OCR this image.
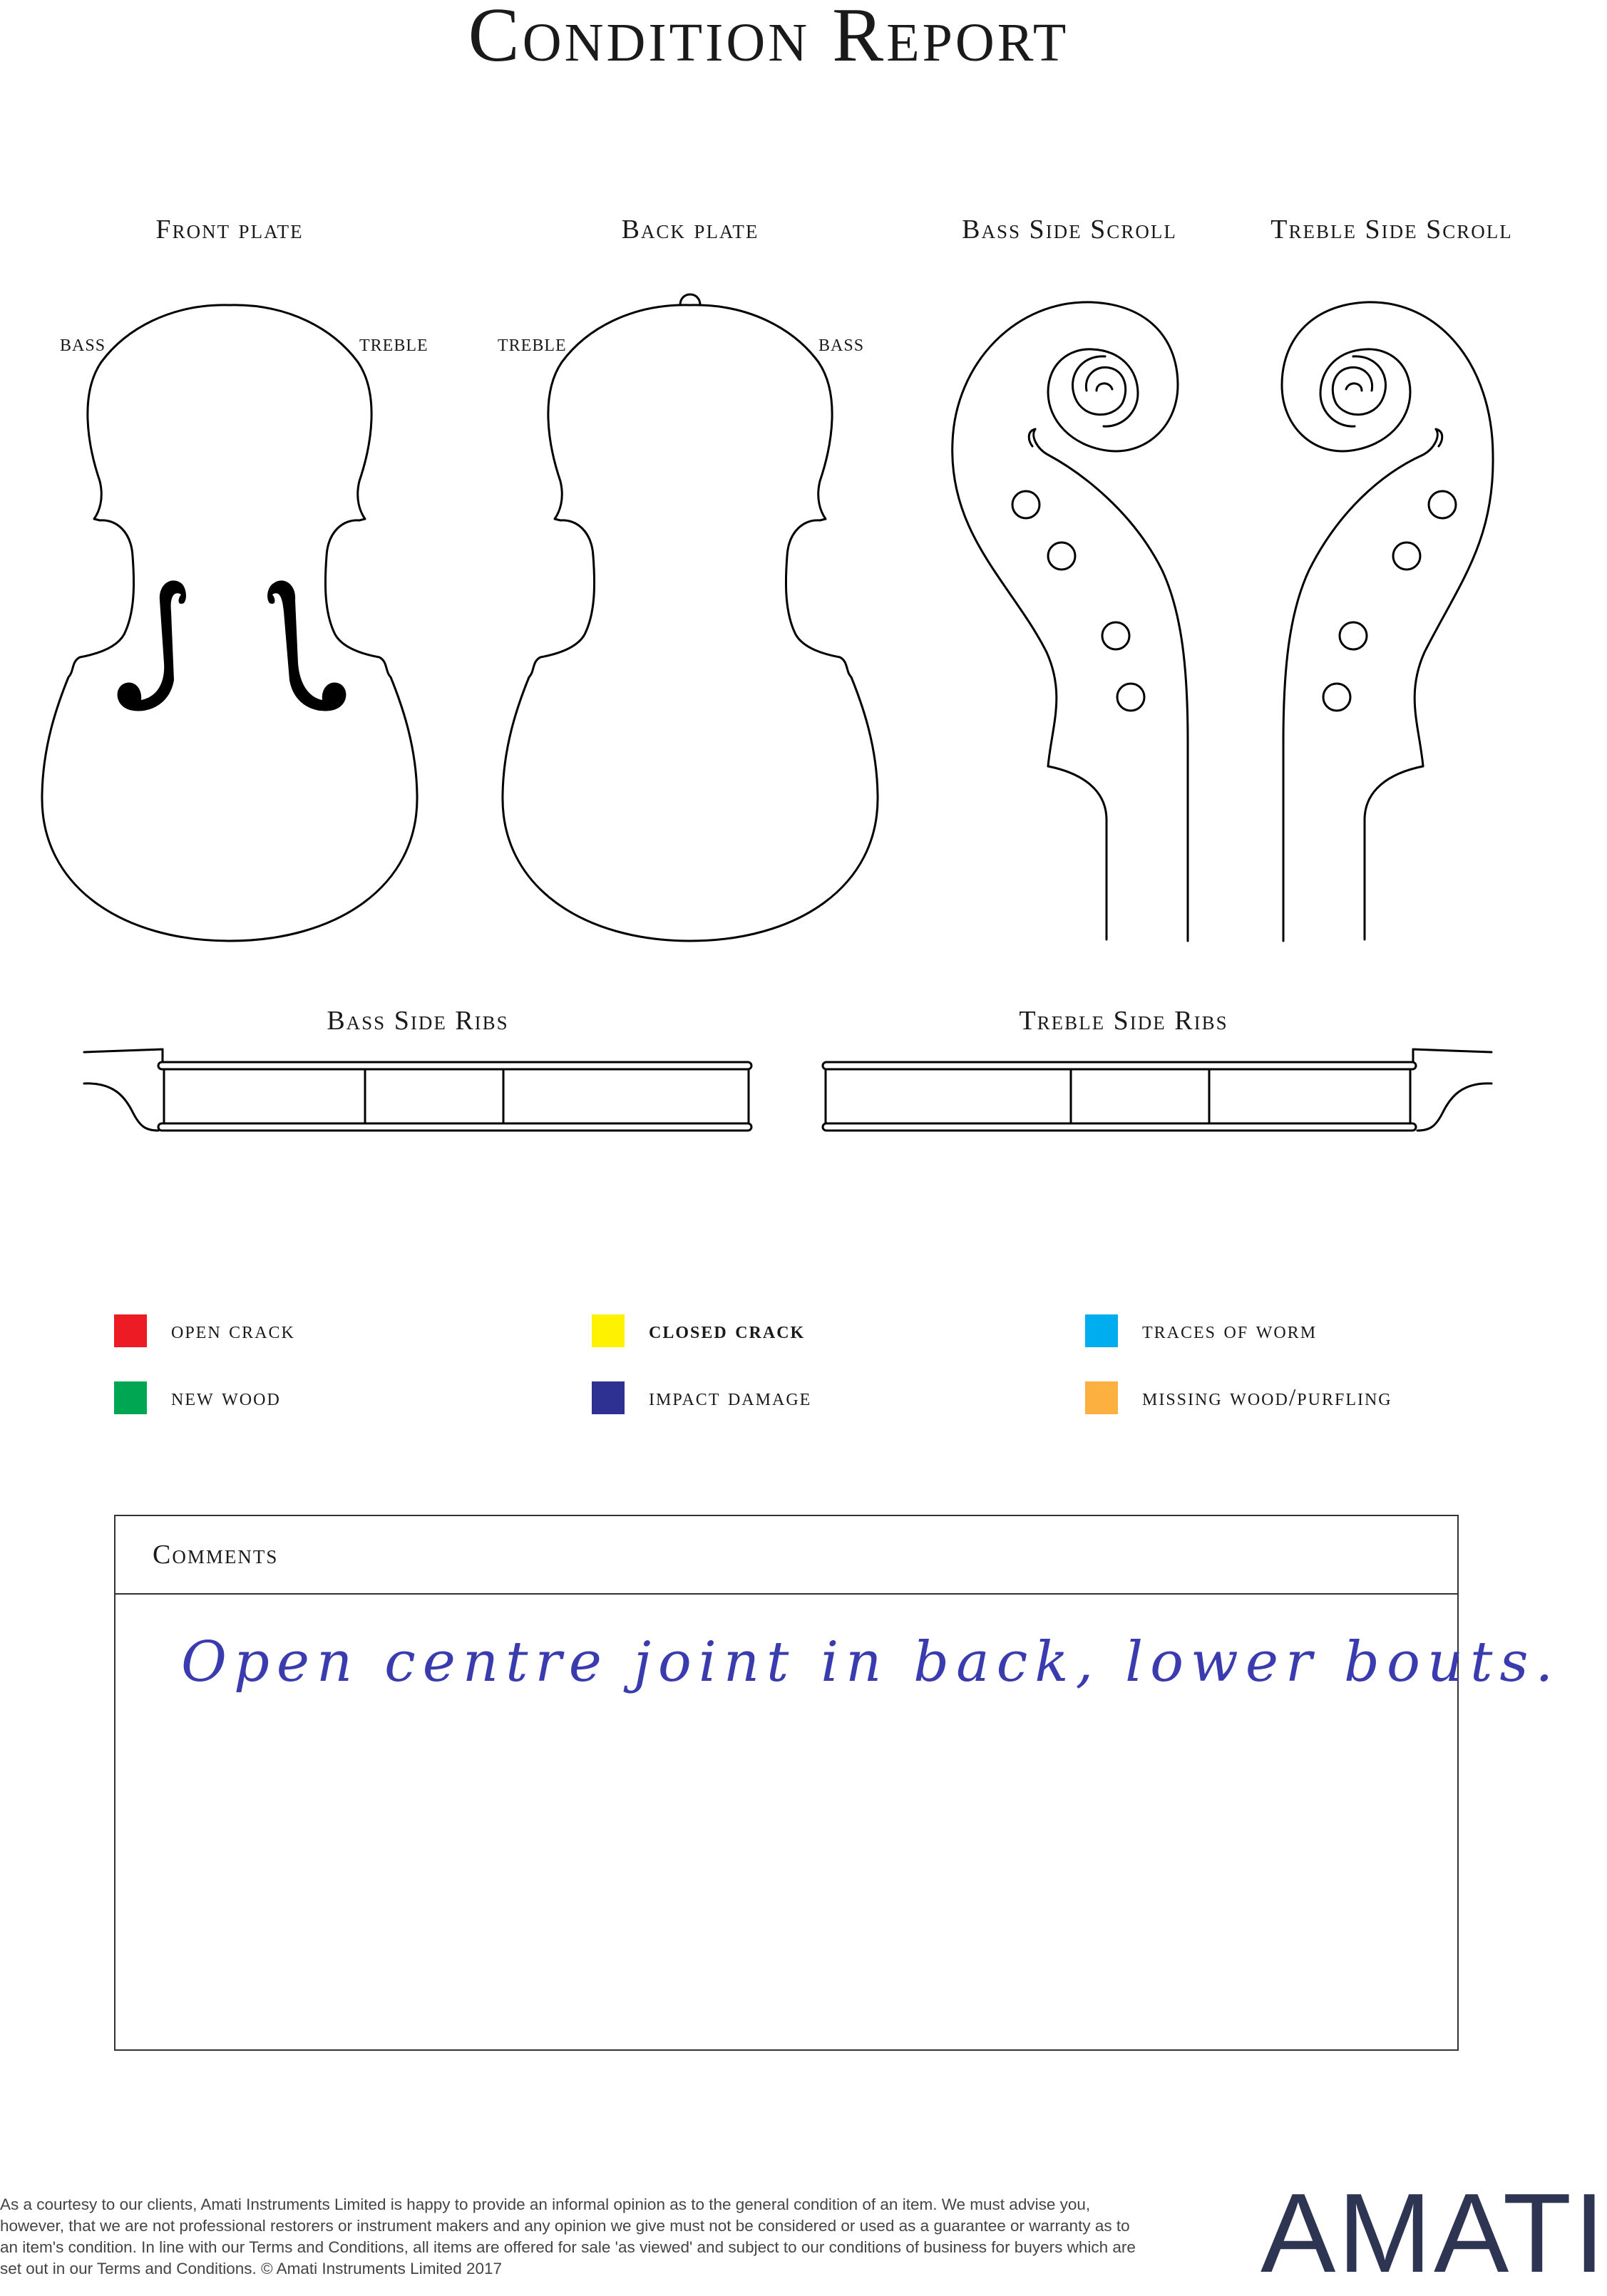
Condition Report
Front plate	Back plate	Bass Side Scroll	Treble Side Scroll
Bass Side Ribs	Treble Side Ribs
BASS	TREBLE	TREBLE	BASS
open crack	closed crack	traces of worm
new wood	impact damage	missing wood/purfling
Comments
Open centre joint in back, lower bouts.
As a courtesy to our clients, Amati Instruments Limited is happy to provide an informal opinion as to the general condition of an item. We must advise you, however, that we are not professional restorers or instrument makers and any opinion we give must not be considered or used as a guarantee or warranty as to an item's condition. In line with our Terms and Conditions, all items are offered for sale 'as viewed' and subject to our conditions of business for buyers which are set out in our Terms and Conditions. © Amati Instruments Limited 2017	AMATI
